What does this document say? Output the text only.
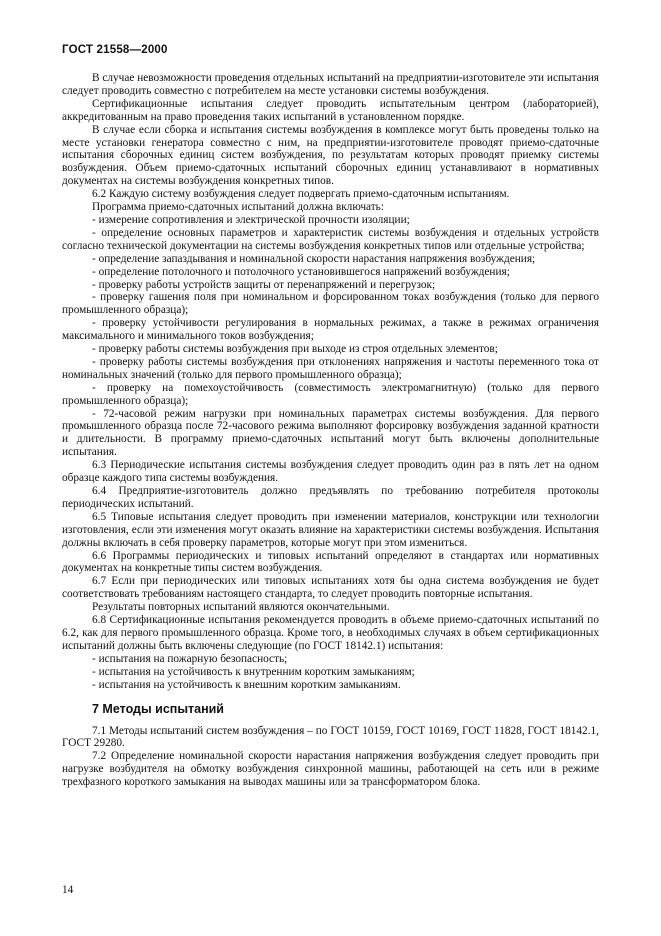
ГОСТ 21558—2000

В случае невозможности проведения отдельных испытаний на предприятии-изготовителе эти испытания следует проводить совместно с потребителем на месте установки системы возбуждения.

Сертификационные испытания следует проводить испытательным центром (лабораторией), аккредитованным на право проведения таких испытаний в установленном порядке.

В случае если сборка и испытания системы возбуждения в комплексе могут быть проведены только на месте установки генератора совместно с ним, на предприятии-изготовителе проводят приемо-сдаточные испытания сборочных единиц систем возбуждения, по результатам которых проводят приемку системы возбуждения. Объем приемо-сдаточных испытаний сборочных единиц устанавливают в нормативных документах на системы возбуждения конкретных типов.

6.2 Каждую систему возбуждения следует подвергать приемо-сдаточным испытаниям.

Программа приемо-сдаточных испытаний должна включать:

- измерение сопротивления и электрической прочности изоляции;

- определение основных параметров и характеристик системы возбуждения и отдельных устройств согласно технической документации на системы возбуждения конкретных типов или отдельные устройства;

- определение запаздывания и номинальной скорости нарастания напряжения возбуждения;

- определение потолочного и потолочного установившегося напряжений возбуждения;

- проверку работы устройств защиты от перенапряжений и перегрузок;

- проверку гашения поля при номинальном и форсированном токах возбуждения (только для первого промышленного образца);

- проверку устойчивости регулирования в нормальных режимах, а также в режимах ограничения максимального и минимального токов возбуждения;

- проверку работы системы возбуждения при выходе из строя отдельных элементов;

- проверку работы системы возбуждения при отклонениях напряжения и частоты переменного тока от номинальных значений (только для первого промышленного образца);

- проверку на помехоустойчивость (совместимость электромагнитную) (только для первого промышленного образца);

- 72-часовой режим нагрузки при номинальных параметрах системы возбуждения. Для первого промышленного образца после 72-часового режима выполняют форсировку возбуждения заданной кратности и длительности. В программу приемо-сдаточных испытаний могут быть включены дополнительные испытания.

6.3 Периодические испытания системы возбуждения следует проводить один раз в пять лет на одном образце каждого типа системы возбуждения.

6.4 Предприятие-изготовитель должно предъявлять по требованию потребителя протоколы периодических испытаний.

6.5 Типовые испытания следует проводить при изменении материалов, конструкции или технологии изготовления, если эти изменения могут оказать влияние на характеристики системы возбуждения. Испытания должны включать в себя проверку параметров, которые могут при этом измениться.

6.6 Программы периодических и типовых испытаний определяют в стандартах или нормативных документах на конкретные типы систем возбуждения.

6.7 Если при периодических или типовых испытаниях хотя бы одна система возбуждения не будет соответствовать требованиям настоящего стандарта, то следует проводить повторные испытания.

Результаты повторных испытаний являются окончательными.

6.8 Сертификационные испытания рекомендуется проводить в объеме приемо-сдаточных испытаний по 6.2, как для первого промышленного образца. Кроме того, в необходимых случаях в объем сертификационных испытаний должны быть включены следующие (по ГОСТ 18142.1) испытания:

- испытания на пожарную безопасность;

- испытания на устойчивость к внутренним коротким замыканиям;

- испытания на устойчивость к внешним коротким замыканиям.

7 Методы испытаний

7.1 Методы испытаний систем возбуждения – по ГОСТ 10159, ГОСТ 10169, ГОСТ 11828, ГОСТ 18142.1, ГОСТ 29280.

7.2 Определение номинальной скорости нарастания напряжения возбуждения следует проводить при нагрузке возбудителя на обмотку возбуждения синхронной машины, работающей на сеть или в режиме трехфазного короткого замыкания на выводах машины или за трансформатором блока.

14
